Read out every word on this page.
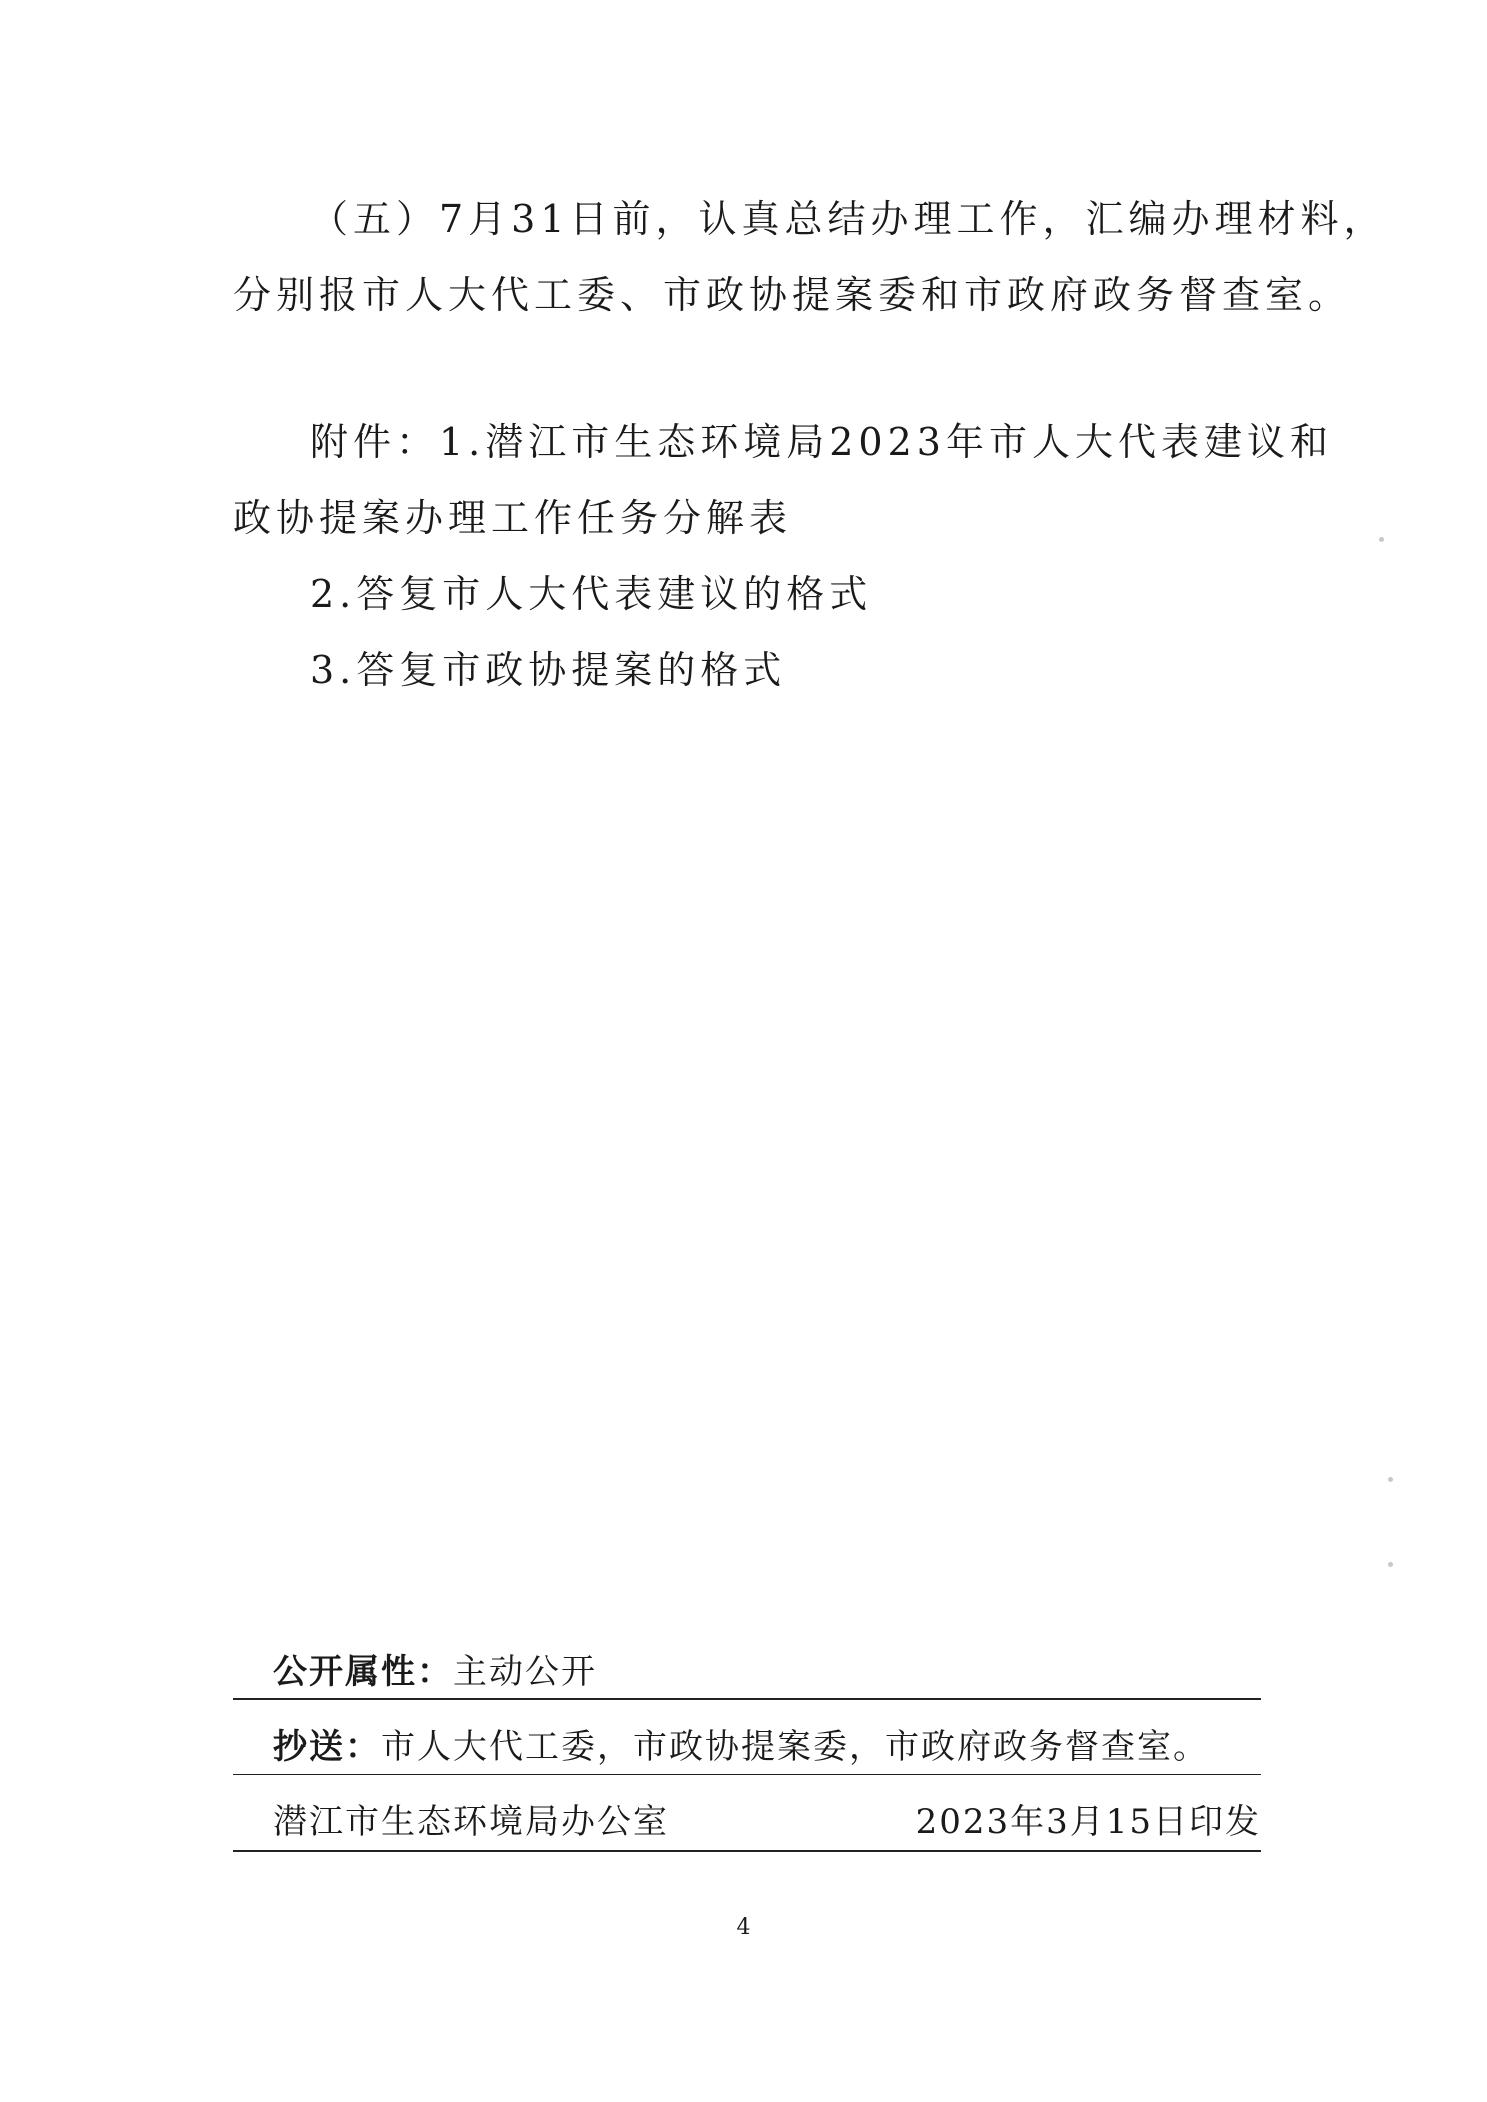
（五）7月31日前，认真总结办理工作，汇编办理材料，
分别报市人大代工委、市政协提案委和市政府政务督查室。
附件：1.潜江市生态环境局2023年市人大代表建议和
政协提案办理工作任务分解表
2.答复市人大代表建议的格式
3.答复市政协提案的格式
公开属性：主动公开
抄送：市人大代工委，市政协提案委，市政府政务督查室。
潜江市生态环境局办公室	2023年3月15日印发
4
